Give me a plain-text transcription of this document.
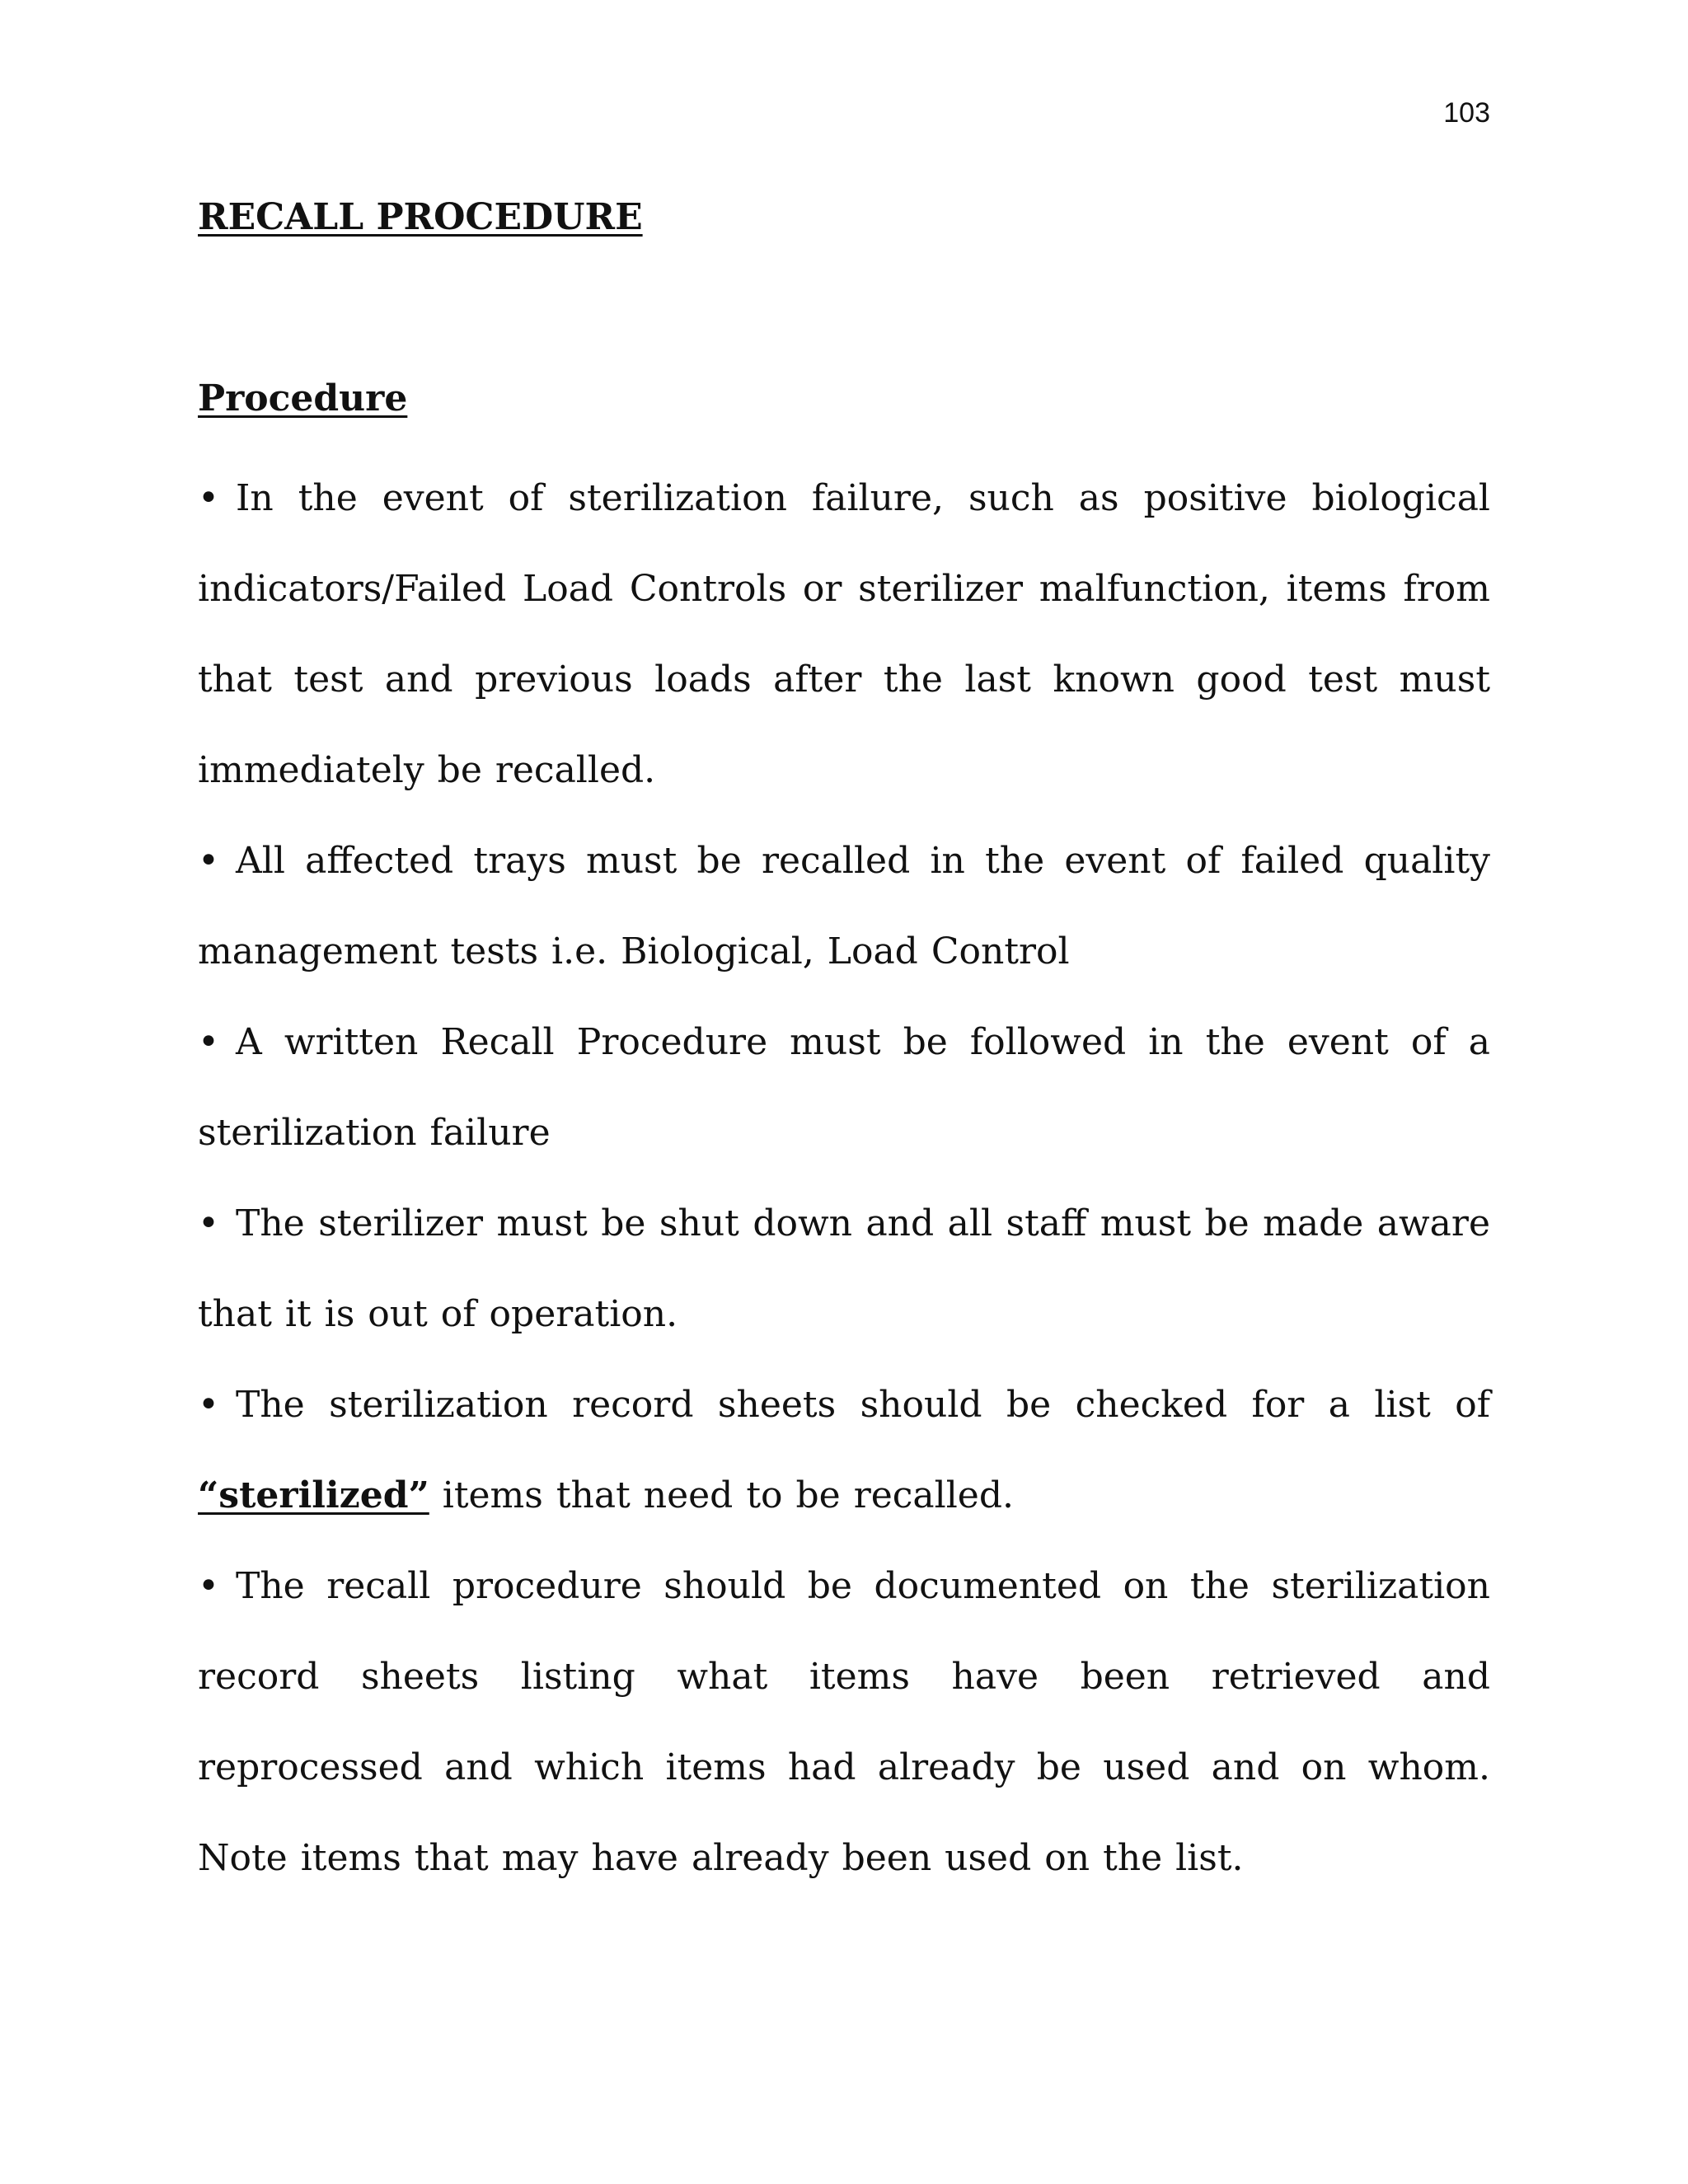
103
RECALL PROCEDURE
Procedure
• In the event of sterilization failure, such as positive biological indicators/Failed Load Controls or sterilizer malfunction, items from that test and previous loads after the last known good test must immediately be recalled.
• All affected trays must be recalled in the event of failed quality management tests i.e. Biological, Load Control
• A written Recall Procedure must be followed in the event of a sterilization failure
• The sterilizer must be shut down and all staff must be made aware that it is out of operation.
• The sterilization record sheets should be checked for a list of “sterilized” items that need to be recalled.
• The recall procedure should be documented on the sterilization record sheets listing what items have been retrieved and reprocessed and which items had already be used and on whom. Note items that may have already been used on the list.
